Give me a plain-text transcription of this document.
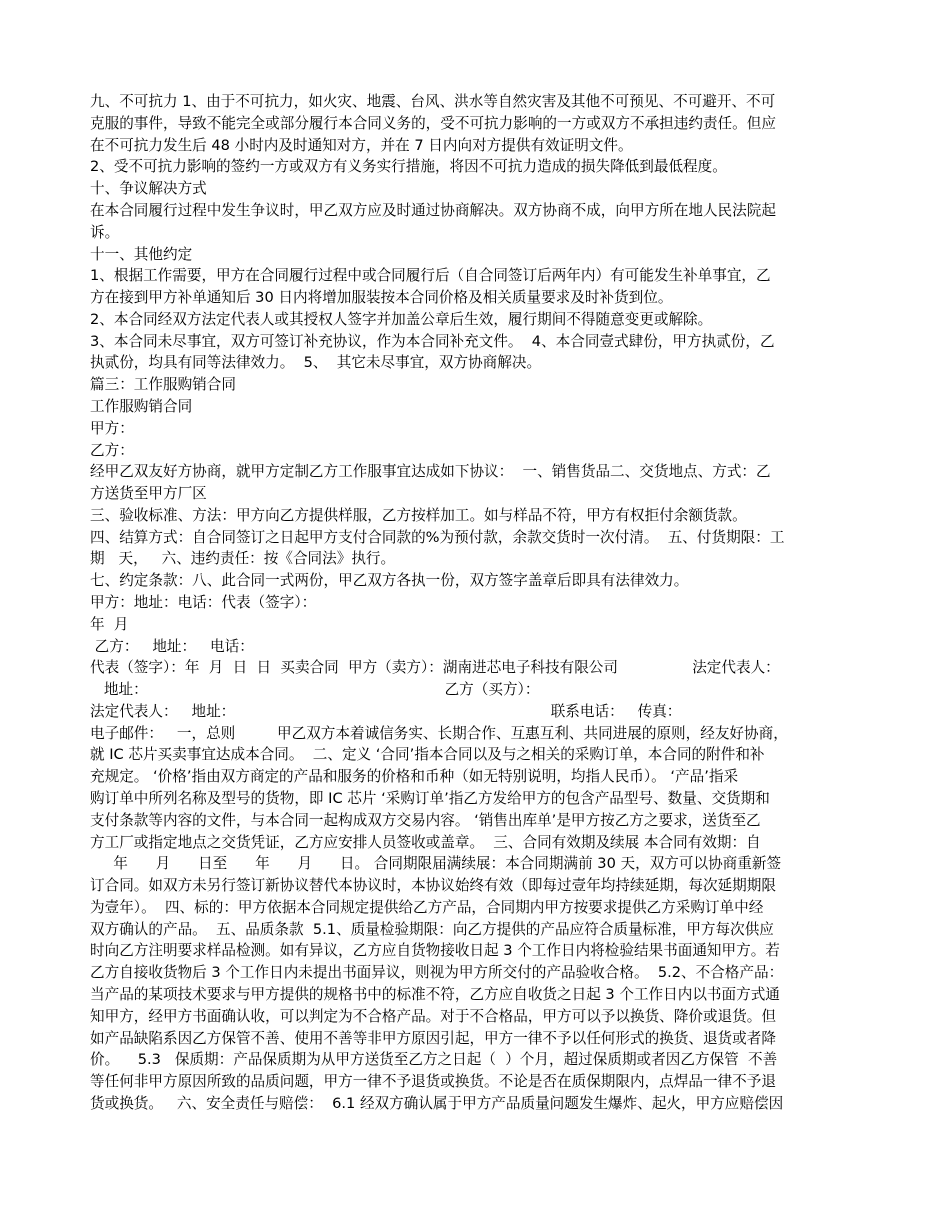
九、不可抗力 1、由于不可抗力，如火灾、地震、台风、洪水等自然灾害及其他不可预见、不可避开、不可
克服的事件，导致不能完全或部分履行本合同义务的，受不可抗力影响的一方或双方不承担违约责任。但应
在不可抗力发生后 48 小时内及时通知对方，并在 7 日内向对方提供有效证明文件。
2、受不可抗力影响的签约一方或双方有义务实行措施，将因不可抗力造成的损失降低到最低程度。
十、争议解决方式
在本合同履行过程中发生争议时，甲乙双方应及时通过协商解决。双方协商不成，向甲方所在地人民法院起
诉。
十一、其他约定
1、根据工作需要，甲方在合同履行过程中或合同履行后（自合同签订后两年内）有可能发生补单事宜，乙
方在接到甲方补单通知后 30 日内将增加服装按本合同价格及相关质量要求及时补货到位。
2、本合同经双方法定代表人或其授权人签字并加盖公章后生效，履行期间不得随意变更或解除。
3、本合同未尽事宜，双方可签订补充协议，作为本合同补充文件。  4、本合同壹式肆份，甲方执贰份，乙
执贰份，均具有同等法律效力。  5、  其它未尽事宜，双方协商解决。
篇三：工作服购销合同
工作服购销合同
甲方：
乙方：
经甲乙双友好方协商，就甲方定制乙方工作服事宜达成如下协议：  一、销售货品二、交货地点、方式：乙
方送货至甲方厂区
三、验收标准、方法：甲方向乙方提供样服，乙方按样加工。如与样品不符，甲方有权拒付余额货款。
四、结算方式：自合同签订之日起甲方支付合同款的%为预付款，余款交货时一次付清。  五、付货期限：工
期   天，   六、违约责任：按《合同法》执行。
七、约定条款：八、此合同一式两份，甲乙双方各执一份，双方签字盖章后即具有法律效力。
甲方：地址：电话：代表（签字）：
年  月
乙方：   地址：   电话：
代表（签字）：年  月  日  日  买卖合同  甲方（卖方）：湖南进芯电子科技有限公司                法定代表人：
地址：                                                                乙方（买方）：
法定代表人：   地址：                                                                    联系电话：   传真：
电子邮件：   一，总则         甲乙双方本着诚信务实、长期合作、互惠互利、共同进展的原则，经友好协商，
就 IC 芯片买卖事宜达成本合同。  二、定义 ‘合同’指本合同以及与之相关的采购订单，本合同的附件和补
充规定。 ‘价格’指由双方商定的产品和服务的价格和币种（如无特别说明，均指人民币）。 ‘产品’指采
购订单中所列名称及型号的货物，即 IC 芯片 ‘采购订单’指乙方发给甲方的包含产品型号、数量、交货期和
支付条款等内容的文件，与本合同一起构成双方交易内容。 ‘销售出库单’是甲方按乙方之要求，送货至乙
方工厂或指定地点之交货凭证，乙方应安排人员签收或盖章。  三、合同有效期及续展 本合同有效期：自
年      月      日至      年      月      日。 合同期限届满续展：本合同期满前 30 天，双方可以协商重新签
订合同。如双方未另行签订新协议替代本协议时，本协议始终有效（即每过壹年均持续延期，每次延期期限
为壹年）。  四、标的：甲方依据本合同规定提供给乙方产品，合同期内甲方按要求提供乙方采购订单中经
双方确认的产品。  五、品质条款  5.1、质量检验期限：向乙方提供的产品应符合质量标准，甲方每次供应
时向乙方注明要求样品检测。如有异议，乙方应自货物接收日起 3 个工作日内将检验结果书面通知甲方。若
乙方自接收货物后 3 个工作日内未提出书面异议，则视为甲方所交付的产品验收合格。  5.2、不合格产品：
当产品的某项技术要求与甲方提供的规格书中的标准不符，乙方应自收货之日起 3 个工作日内以书面方式通
知甲方，经甲方书面确认收，可以判定为不合格产品。对于不合格品，甲方可以予以换货、降价或退货。但
如产品缺陷系因乙方保管不善、使用不善等非甲方原因引起，甲方一律不予以任何形式的换货、退货或者降
价。    5.3   保质期：产品保质期为从甲方送货至乙方之日起（  ）个月，超过保质期或者因乙方保管  不善
等任何非甲方原因所致的品质问题，甲方一律不予退货或换货。不论是否在质保期限内，点焊品一律不予退
货或换货。   六、安全责任与赔偿：  6.1 经双方确认属于甲方产品质量问题发生爆炸、起火，甲方应赔偿因
